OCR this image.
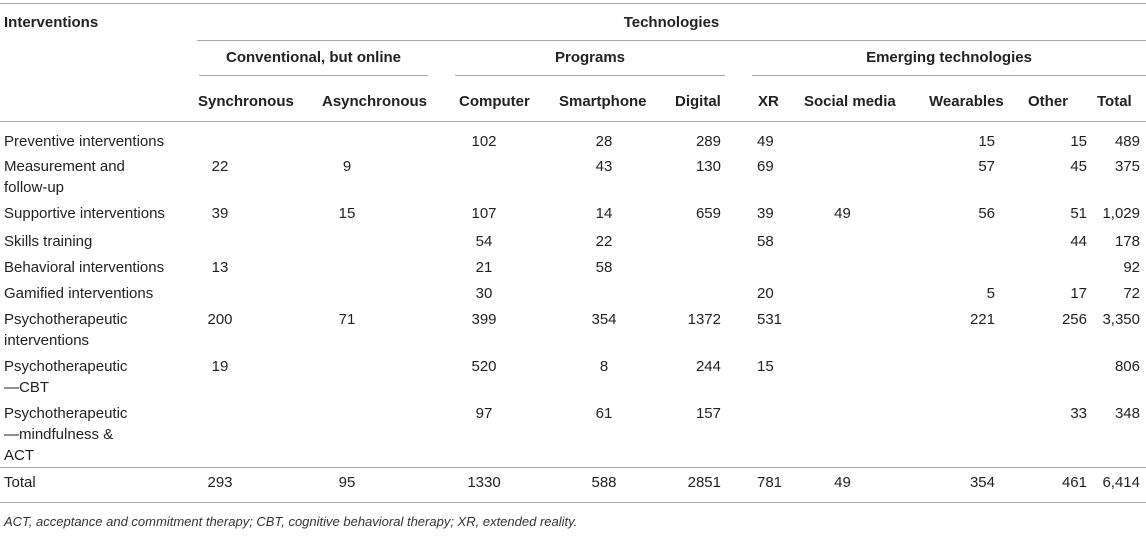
Interventions	Technologies									

	Conventional, but online		Programs			Emerging technologies				

	Synchronous	Asynchronous	Computer	Smartphone	Digital	XR	Social media	Wearables	Other	Total

Preventive interventions			102	28	289	49		15	15	489

Measurement and follow-up	22	9		43	130	69		57	45	375

Supportive interventions	39	15	107	14	659	39	49	56	51	1,029

Skills training			54	22		58			44	178

Behavioral interventions	13		21	58						92

Gamified interventions			30			20		5	17	72

Psychotherapeutic interventions	200	71	399	354	1372	531		221	256	3,350

Psychotherapeutic—CBT	19		520	8	244	15				806

Psychotherapeutic—mindfulness & ACT			97	61	157				33	348

Total	293	95	1330	588	2851	781	49	354	461	6,414
ACT, acceptance and commitment therapy; CBT, cognitive behavioral therapy; XR, extended reality.
